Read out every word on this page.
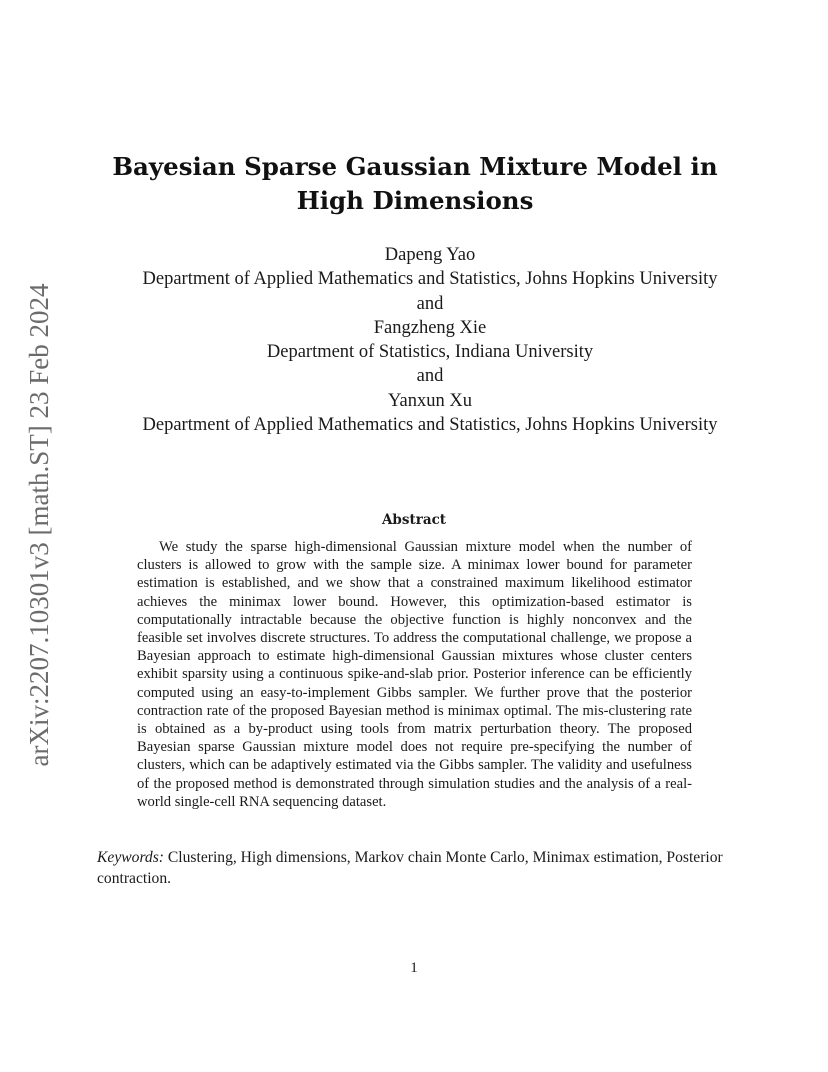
arXiv:2207.10301v3 [math.ST] 23 Feb 2024
Bayesian Sparse Gaussian Mixture Model in High Dimensions
Dapeng Yao
Department of Applied Mathematics and Statistics, Johns Hopkins University
and
Fangzheng Xie
Department of Statistics, Indiana University
and
Yanxun Xu
Department of Applied Mathematics and Statistics, Johns Hopkins University
Abstract
We study the sparse high-dimensional Gaussian mixture model when the number of clusters is allowed to grow with the sample size. A minimax lower bound for parameter estimation is established, and we show that a constrained maximum likelihood estimator achieves the minimax lower bound. However, this optimization-based estimator is computationally intractable because the objective function is highly nonconvex and the feasible set involves discrete structures. To address the computational challenge, we propose a Bayesian approach to estimate high-dimensional Gaussian mixtures whose cluster centers exhibit sparsity using a continuous spike-and-slab prior. Posterior inference can be efficiently computed using an easy-to-implement Gibbs sampler. We further prove that the posterior contraction rate of the proposed Bayesian method is minimax optimal. The mis-clustering rate is obtained as a by-product using tools from matrix perturbation theory. The proposed Bayesian sparse Gaussian mixture model does not require pre-specifying the number of clusters, which can be adaptively estimated via the Gibbs sampler. The validity and usefulness of the proposed method is demonstrated through simulation studies and the analysis of a real-world single-cell RNA sequencing dataset.
Keywords: Clustering, High dimensions, Markov chain Monte Carlo, Minimax estimation, Posterior contraction.
1
